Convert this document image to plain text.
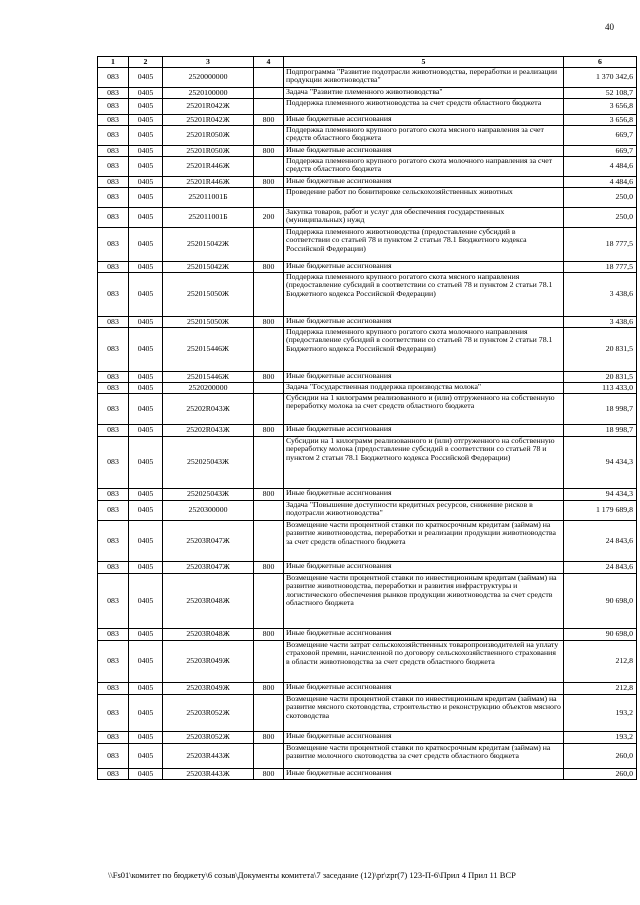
40
1	2	3	4	5	6
083	0405	2520000000		Подпрограмма "Развитие подотрасли животноводства, переработки и реализации продукции животноводства"	1 370 342,6
083	0405	2520100000		Задача "Развитие племенного животноводства"	52 108,7
083	0405	25201R042Ж		Поддержка племенного животноводства за счет средств областного бюджета	3 656,8
083	0405	25201R042Ж	800	Иные бюджетные ассигнования	3 656,8
083	0405	25201R050Ж		Поддержка племенного крупного рогатого скота мясного направления за счет средств областного бюджета	669,7
083	0405	25201R050Ж	800	Иные бюджетные ассигнования	669,7
083	0405	25201R446Ж		Поддержка племенного крупного рогатого скота молочного направления за счет средств областного бюджета	4 484,6
083	0405	25201R446Ж	800	Иные бюджетные ассигнования	4 484,6
083	0405	252011001Б		Проведение работ по бонитировке сельскохозяйственных животных	250,0
083	0405	252011001Б	200	Закупка товаров, работ и услуг для обеспечения государственных (муниципальных) нужд	250,0
083	0405	252015042Ж		Поддержка племенного животноводства (предоставление субсидий в соответствии со статьей 78 и пунктом 2 статьи 78.1 Бюджетного кодекса Российской Федерации)	18 777,5
083	0405	252015042Ж	800	Иные бюджетные ассигнования	18 777,5
083	0405	252015050Ж		Поддержка племенного крупного рогатого скота мясного направления (предоставление субсидий в соответствии со статьей 78 и пунктом 2 статьи 78.1 Бюджетного кодекса Российской Федерации)	3 438,6
083	0405	252015050Ж	800	Иные бюджетные ассигнования	3 438,6
083	0405	252015446Ж		Поддержка племенного крупного рогатого скота молочного направления (предоставление субсидий в соответствии со статьей 78 и пунктом 2 статьи 78.1 Бюджетного кодекса Российской Федерации)	20 831,5
083	0405	252015446Ж	800	Иные бюджетные ассигнования	20 831,5
083	0405	2520200000		Задача "Государственная поддержка производства молока"	113 433,0
083	0405	25202R043Ж		Субсидии на 1 килограмм реализованного и (или) отгруженного на собственную переработку молока за счет средств областного бюджета	18 998,7
083	0405	25202R043Ж	800	Иные бюджетные ассигнования	18 998,7
083	0405	252025043Ж		Субсидии на 1 килограмм реализованного и (или) отгруженного на собственную переработку молока (предоставление субсидий в соответствии со статьей 78 и пунктом 2 статьи 78.1 Бюджетного кодекса Российской Федерации)	94 434,3
083	0405	252025043Ж	800	Иные бюджетные ассигнования	94 434,3
083	0405	2520300000		Задача "Повышение доступности кредитных ресурсов, снижение рисков в подотрасли животноводства"	1 179 689,8
083	0405	25203R047Ж		Возмещение части процентной ставки по краткосрочным кредитам (займам) на развитие животноводства, переработки и реализации продукции животноводства за счет средств областного бюджета	24 843,6
083	0405	25203R047Ж	800	Иные бюджетные ассигнования	24 843,6
083	0405	25203R048Ж		Возмещение части процентной ставки по инвестиционным кредитам (займам) на развитие животноводства, переработки и развития инфраструктуры и логистического обеспечения рынков продукции животноводства за счет средств областного бюджета	90 698,0
083	0405	25203R048Ж	800	Иные бюджетные ассигнования	90 698,0
083	0405	25203R049Ж		Возмещение части затрат сельскохозяйственных товаропроизводителей на уплату страховой премии, начисленной по договору сельскохозяйственного страхования в области животноводства за счет средств областного бюджета	212,8
083	0405	25203R049Ж	800	Иные бюджетные ассигнования	212,8
083	0405	25203R052Ж		Возмещение части процентной ставки по инвестиционным кредитам (займам) на развитие мясного скотоводства, строительство и реконструкцию объектов мясного скотоводства	193,2
083	0405	25203R052Ж	800	Иные бюджетные ассигнования	193,2
083	0405	25203R443Ж		Возмещение части процентной ставки по краткосрочным кредитам (займам) на развитие молочного скотоводства за счет средств областного бюджета	260,0
083	0405	25203R443Ж	800	Иные бюджетные ассигнования	260,0
\\Fs01\комитет по бюджету\6 созыв\Документы комитета\7 заседание (12)\pr\zpr(7) 123-П-6\Прил 4 Прил 11 ВСР
